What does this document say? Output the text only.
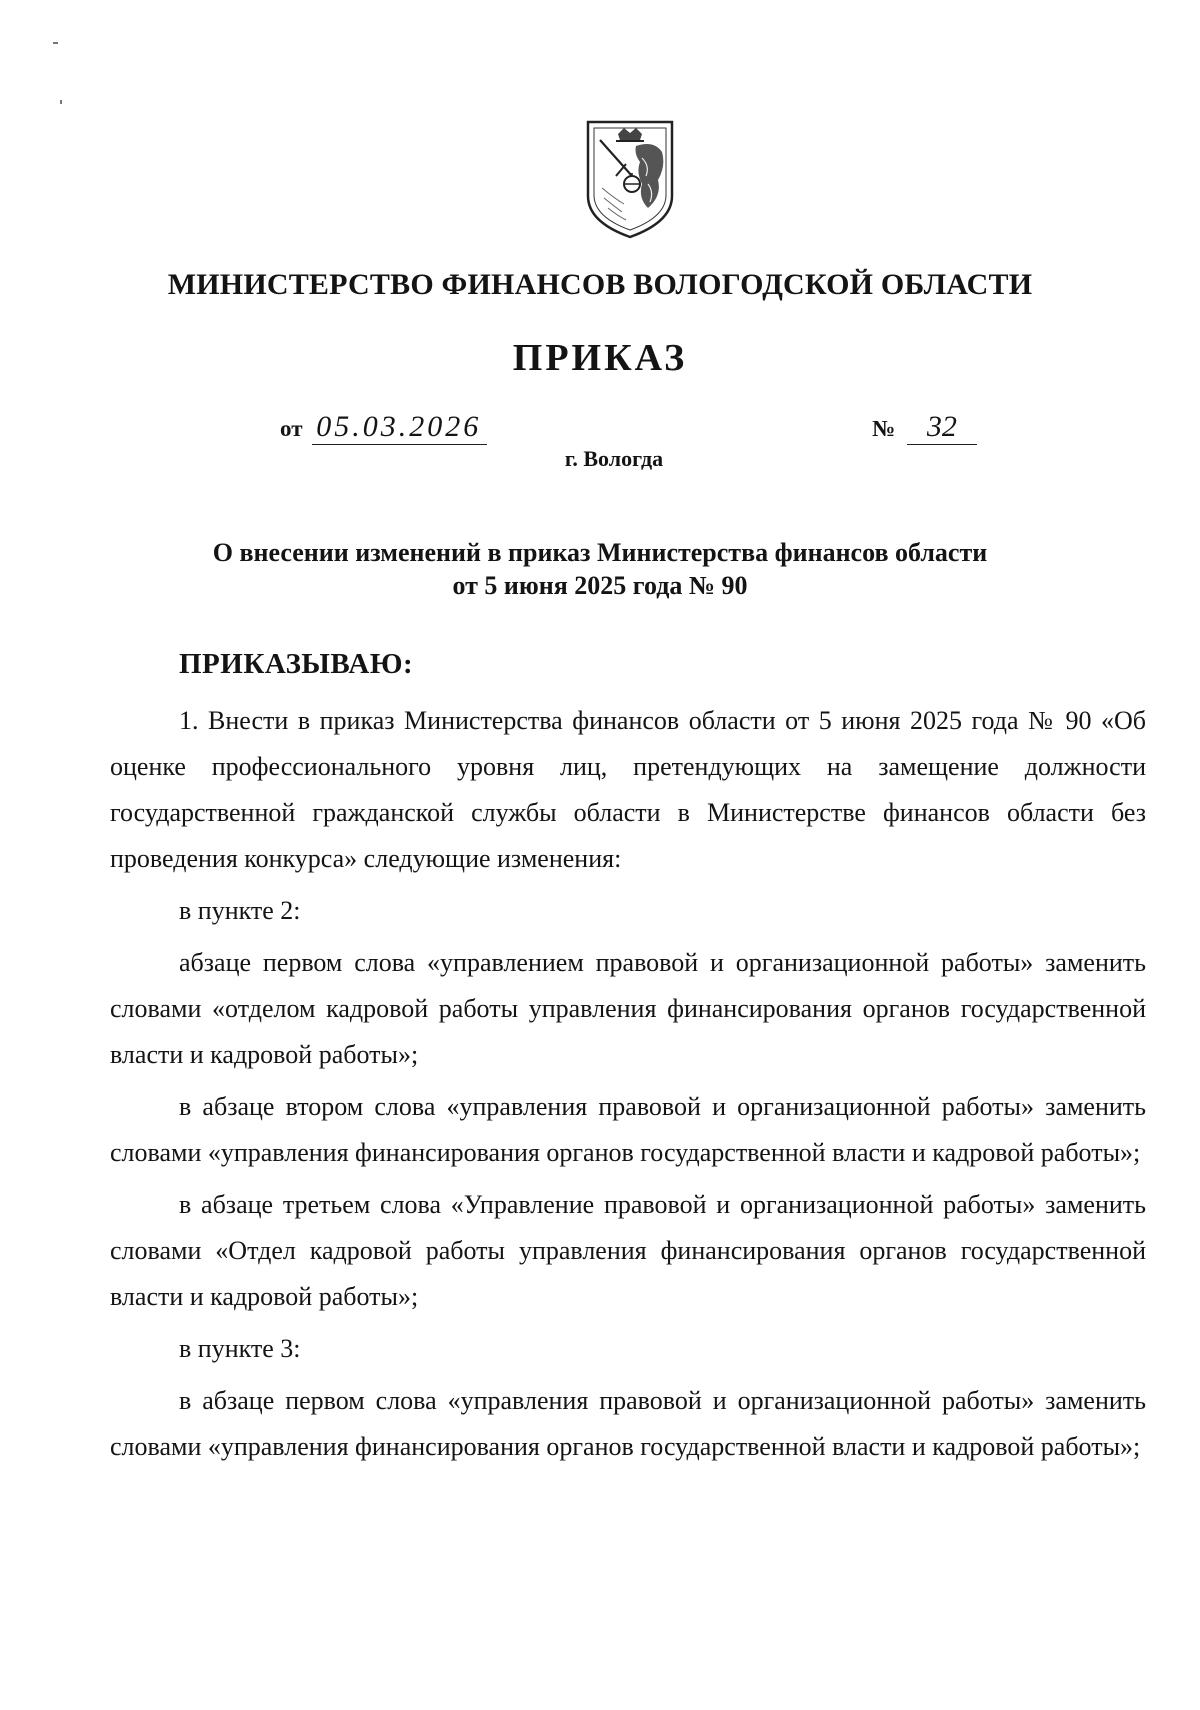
МИНИСТЕРСТВО ФИНАНСОВ ВОЛОГОДСКОЙ ОБЛАСТИ
ПРИКАЗ
от 05.03.2026	№ 32
г. Вологда
О внесении изменений в приказ Министерства финансов области
от 5 июня 2025 года № 90
ПРИКАЗЫВАЮ:

1. Внести в приказ Министерства финансов области от 5 июня 2025 года № 90 «Об оценке профессионального уровня лиц, претендующих на замещение должности государственной гражданской службы области в Министерстве финансов области без проведения конкурса» следующие изменения:

в пункте 2:

абзаце первом слова «управлением правовой и организационной работы» заменить словами «отделом кадровой работы управления финансирования органов государственной власти и кадровой работы»;

в абзаце втором слова «управления правовой и организационной работы» заменить словами «управления финансирования органов государственной власти и кадровой работы»;

в абзаце третьем слова «Управление правовой и организационной работы» заменить словами «Отдел кадровой работы управления финансирования органов государственной власти и кадровой работы»;

в пункте 3:

в абзаце первом слова «управления правовой и организационной работы» заменить словами «управления финансирования органов государственной власти и кадровой работы»;
